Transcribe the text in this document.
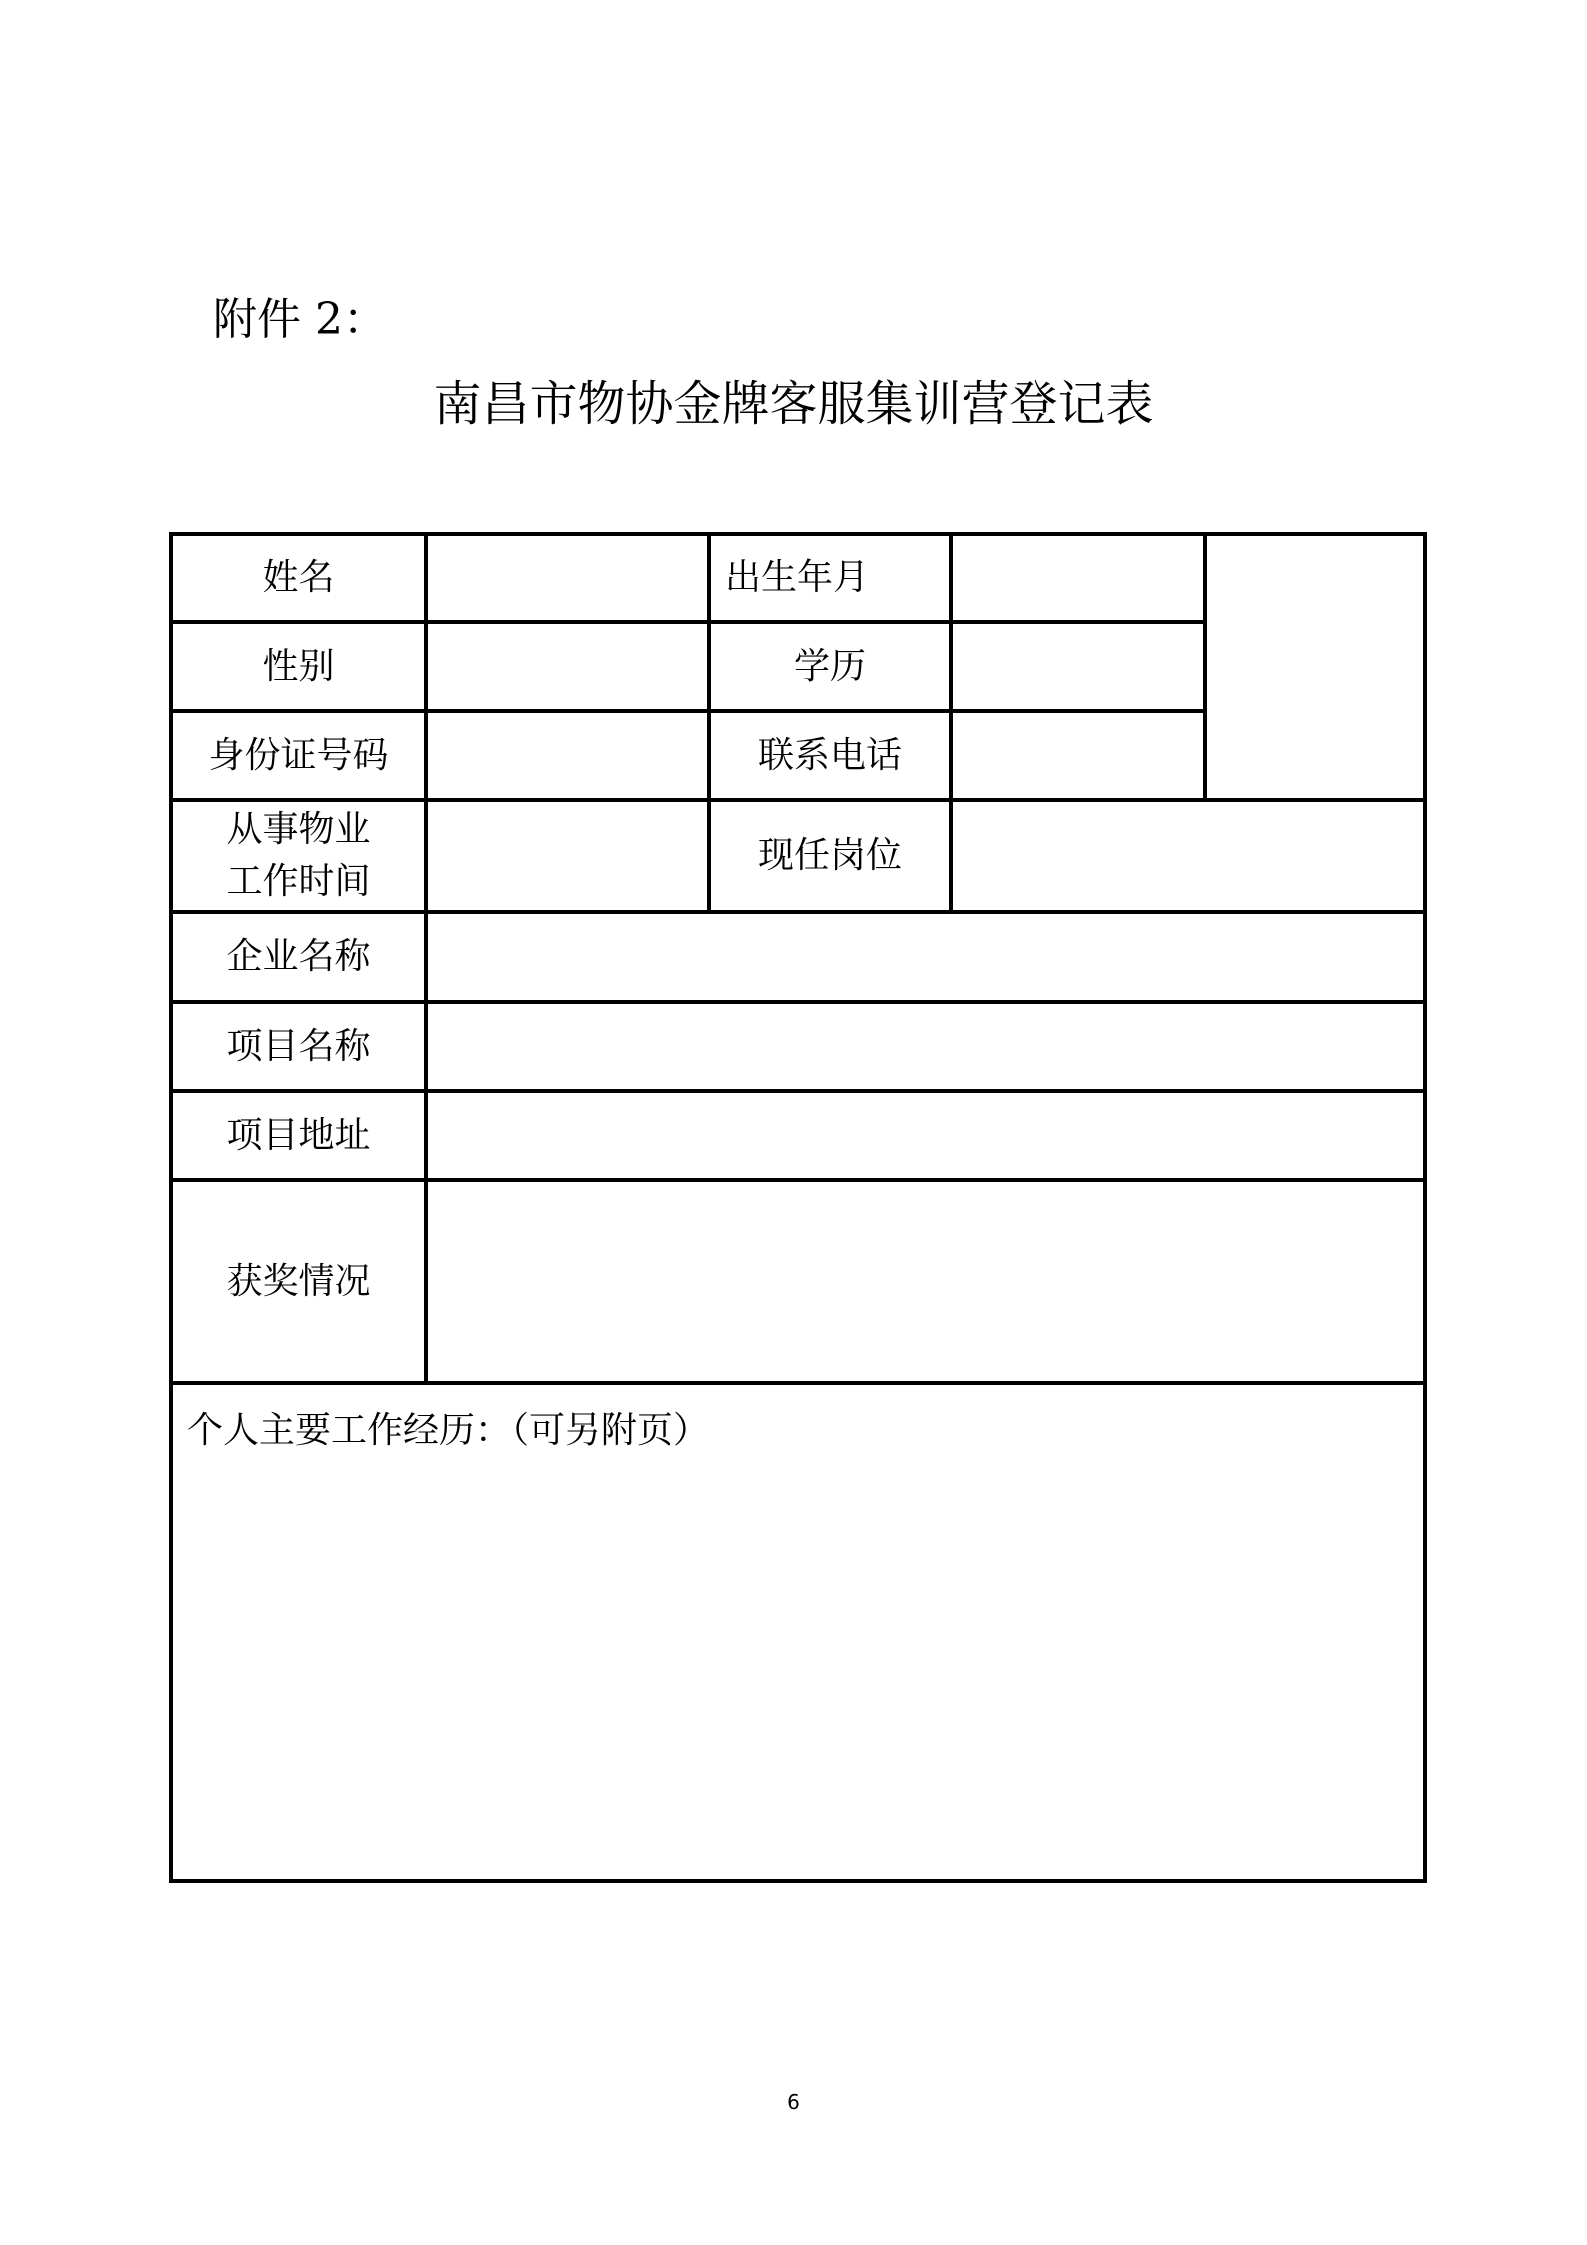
附件 2：
南昌市物协金牌客服集训营登记表
姓名		出生年月		
性别		学历		
身份证号码		联系电话		

从事物业
工作时间		现任岗位		
企业名称				
项目名称				
项目地址				
获奖情况				
个人主要工作经历：（可另附页）				
6
